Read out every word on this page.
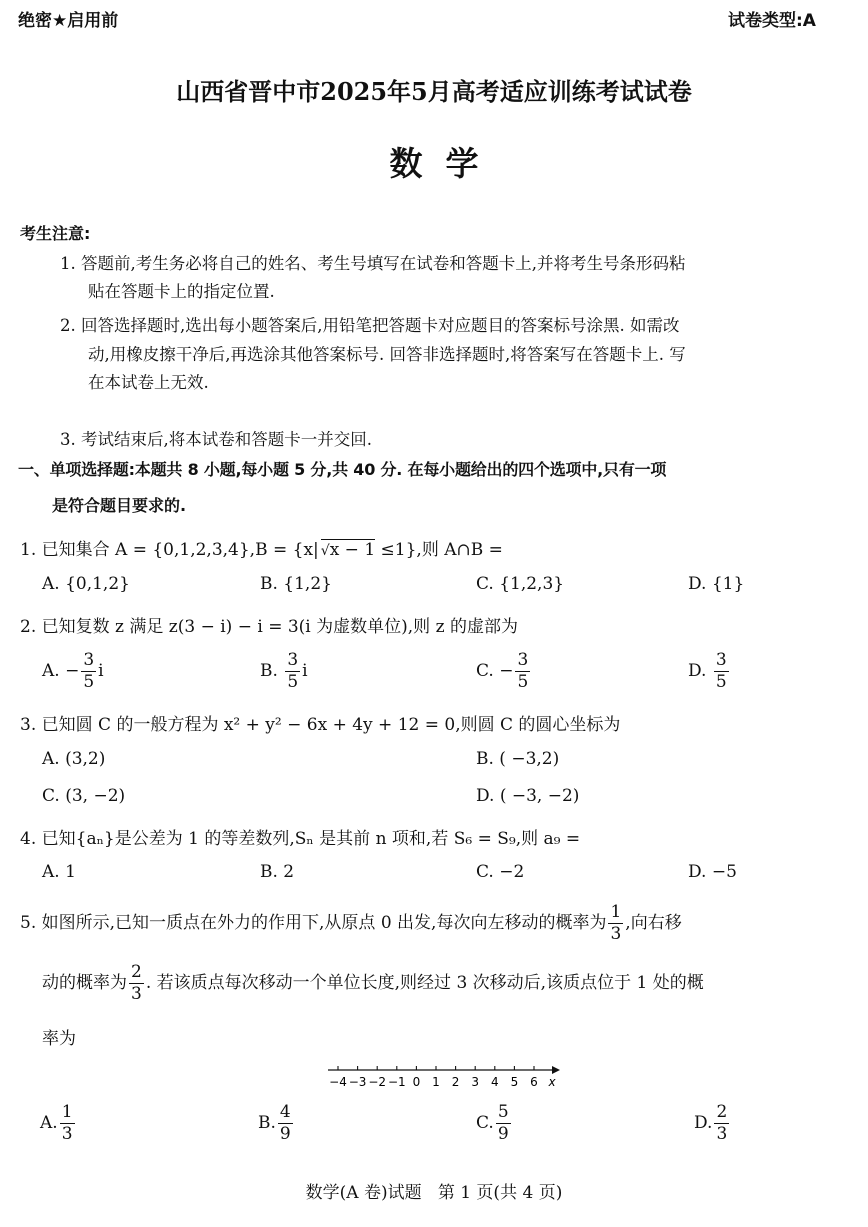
绝密★启用前	试卷类型:A
山西省晋中市2025年5月高考适应训练考试试卷
数  学
考生注意:
1. 答题前,考生务必将自己的姓名、考生号填写在试卷和答题卡上,并将考生号条形码粘
贴在答题卡上的指定位置.
2. 回答选择题时,选出每小题答案后,用铅笔把答题卡对应题目的答案标号涂黑. 如需改
动,用橡皮擦干净后,再选涂其他答案标号. 回答非选择题时,将答案写在答题卡上. 写
在本试卷上无效.
3. 考试结束后,将本试卷和答题卡一并交回.
一、单项选择题:本题共 8 小题,每小题 5 分,共 40 分. 在每小题给出的四个选项中,只有一项
是符合题目要求的.
1. 已知集合 A = {0,1,2,3,4},B = {x| √x − 1 ≤1},则 A∩B =
A. {0,1,2}	B. {1,2}	C. {1,2,3}	D. {1}
2. 已知复数 z 满足 z(3 − i) − i = 3(i 为虚数单位),则 z 的虚部为
A. − $\frac{3}{5}$ i	B. $\frac{3}{5}$ i	C. − $\frac{3}{5}$	D. $\frac{3}{5}$
3. 已知圆 C 的一般方程为 x² + y² − 6x + 4y + 12 = 0,则圆 C 的圆心坐标为
A. (3,2)	B. ( −3,2)
C. (3, −2)	D. ( −3, −2)
4. 已知{aₙ}是公差为 1 的等差数列,Sₙ 是其前 n 项和,若 S₆ = S₉,则 a₉ =
A. 1	B. 2	C. −2	D. −5
5. 如图所示,已知一质点在外力的作用下,从原点 0 出发,每次向左移动的概率为 $\frac{1}{3}$ ,向右移
动的概率为 $\frac{2}{3}$ . 若该质点每次移动一个单位长度,则经过 3 次移动后,该质点位于 1 处的概
率为
−4 −3 −2 −1 0 1 2 3 4 5 6 x
A. $\frac{1}{3}$	B. $\frac{4}{9}$	C. $\frac{5}{9}$	D. $\frac{2}{3}$
数学(A 卷)试题   第 1 页(共 4 页)
